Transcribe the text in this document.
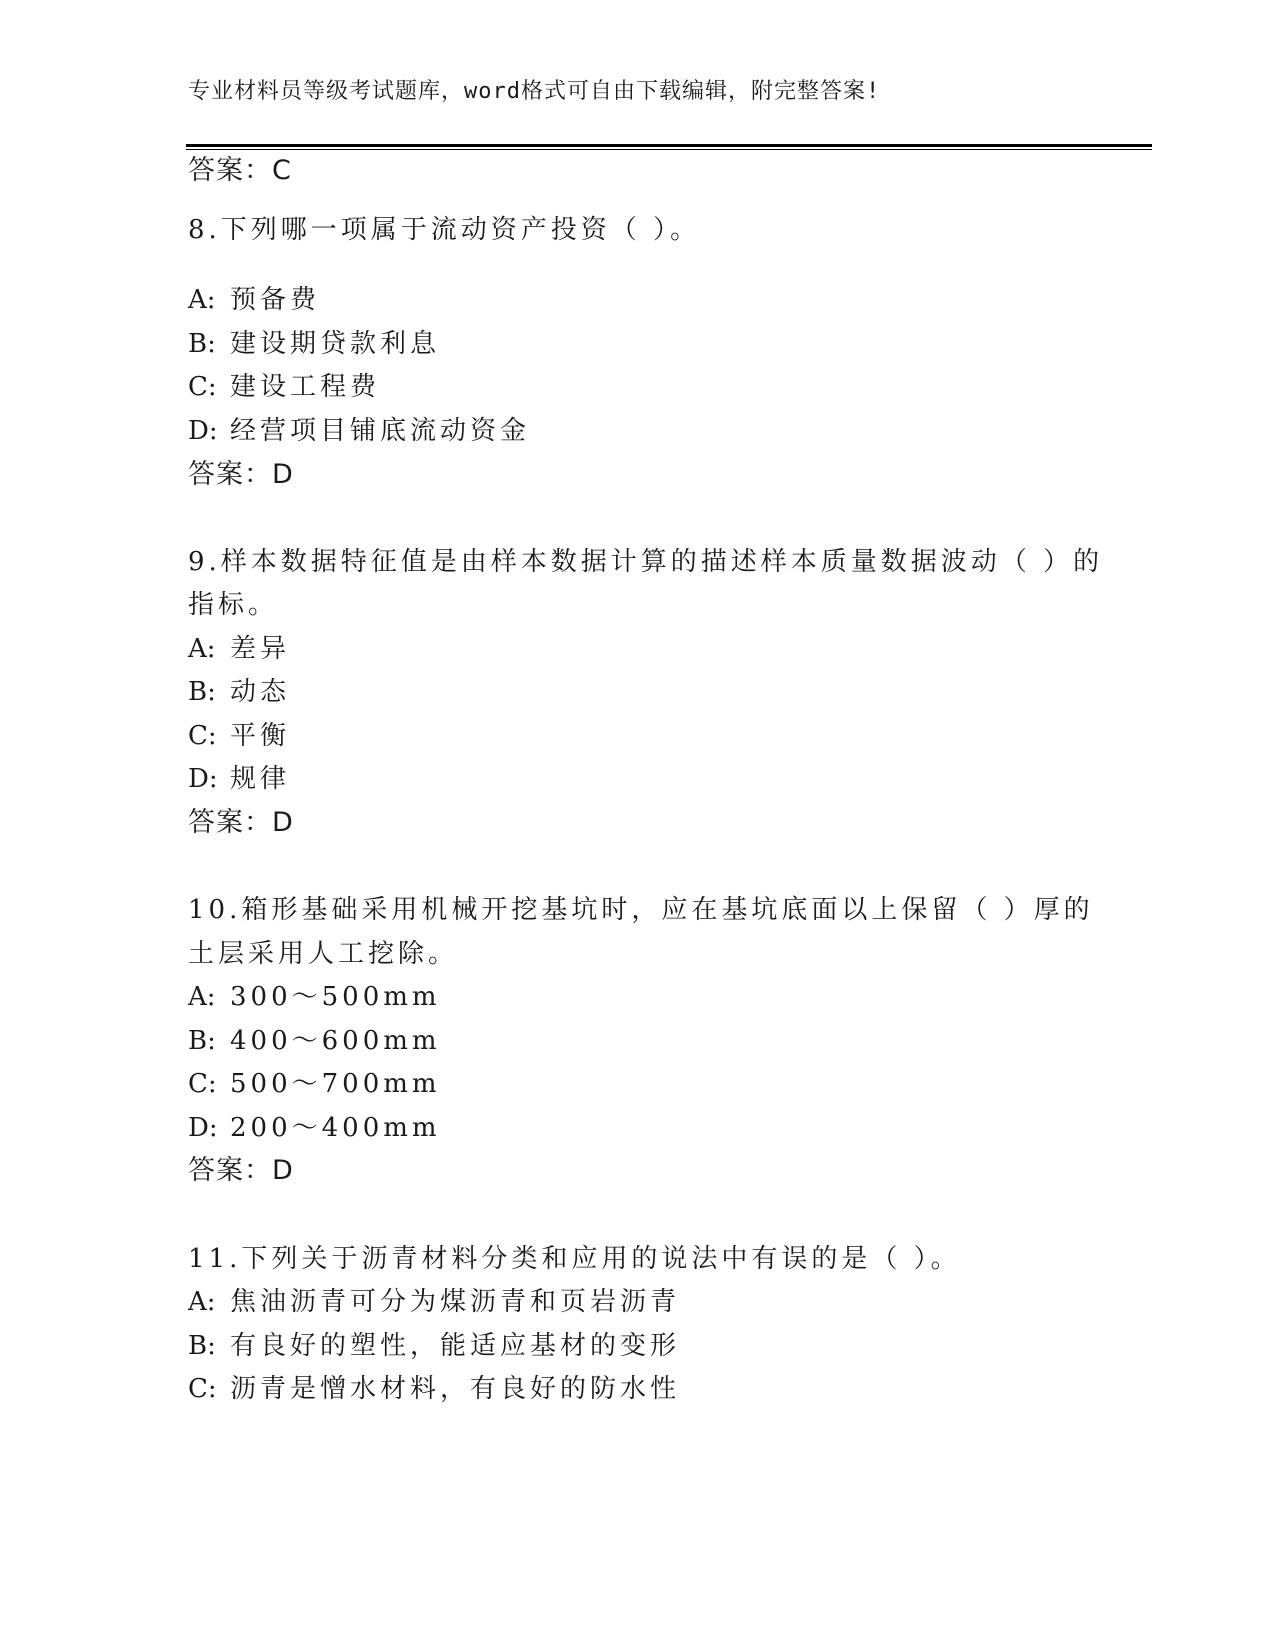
专业材料员等级考试题库，word格式可自由下载编辑，附完整答案!
答案：C
8.下列哪一项属于流动资产投资（ ）。
A: 预备费
B: 建设期贷款利息
C: 建设工程费
D: 经营项目铺底流动资金
答案：D
9.样本数据特征值是由样本数据计算的描述样本质量数据波动（ ）的
指标。
A: 差异
B: 动态
C: 平衡
D: 规律
答案：D
10.箱形基础采用机械开挖基坑时，应在基坑底面以上保留（ ）厚的
土层采用人工挖除。
A: 300～500mm
B: 400～600mm
C: 500～700mm
D: 200～400mm
答案：D
11.下列关于沥青材料分类和应用的说法中有误的是（ ）。
A: 焦油沥青可分为煤沥青和页岩沥青
B: 有良好的塑性，能适应基材的变形
C: 沥青是憎水材料，有良好的防水性
